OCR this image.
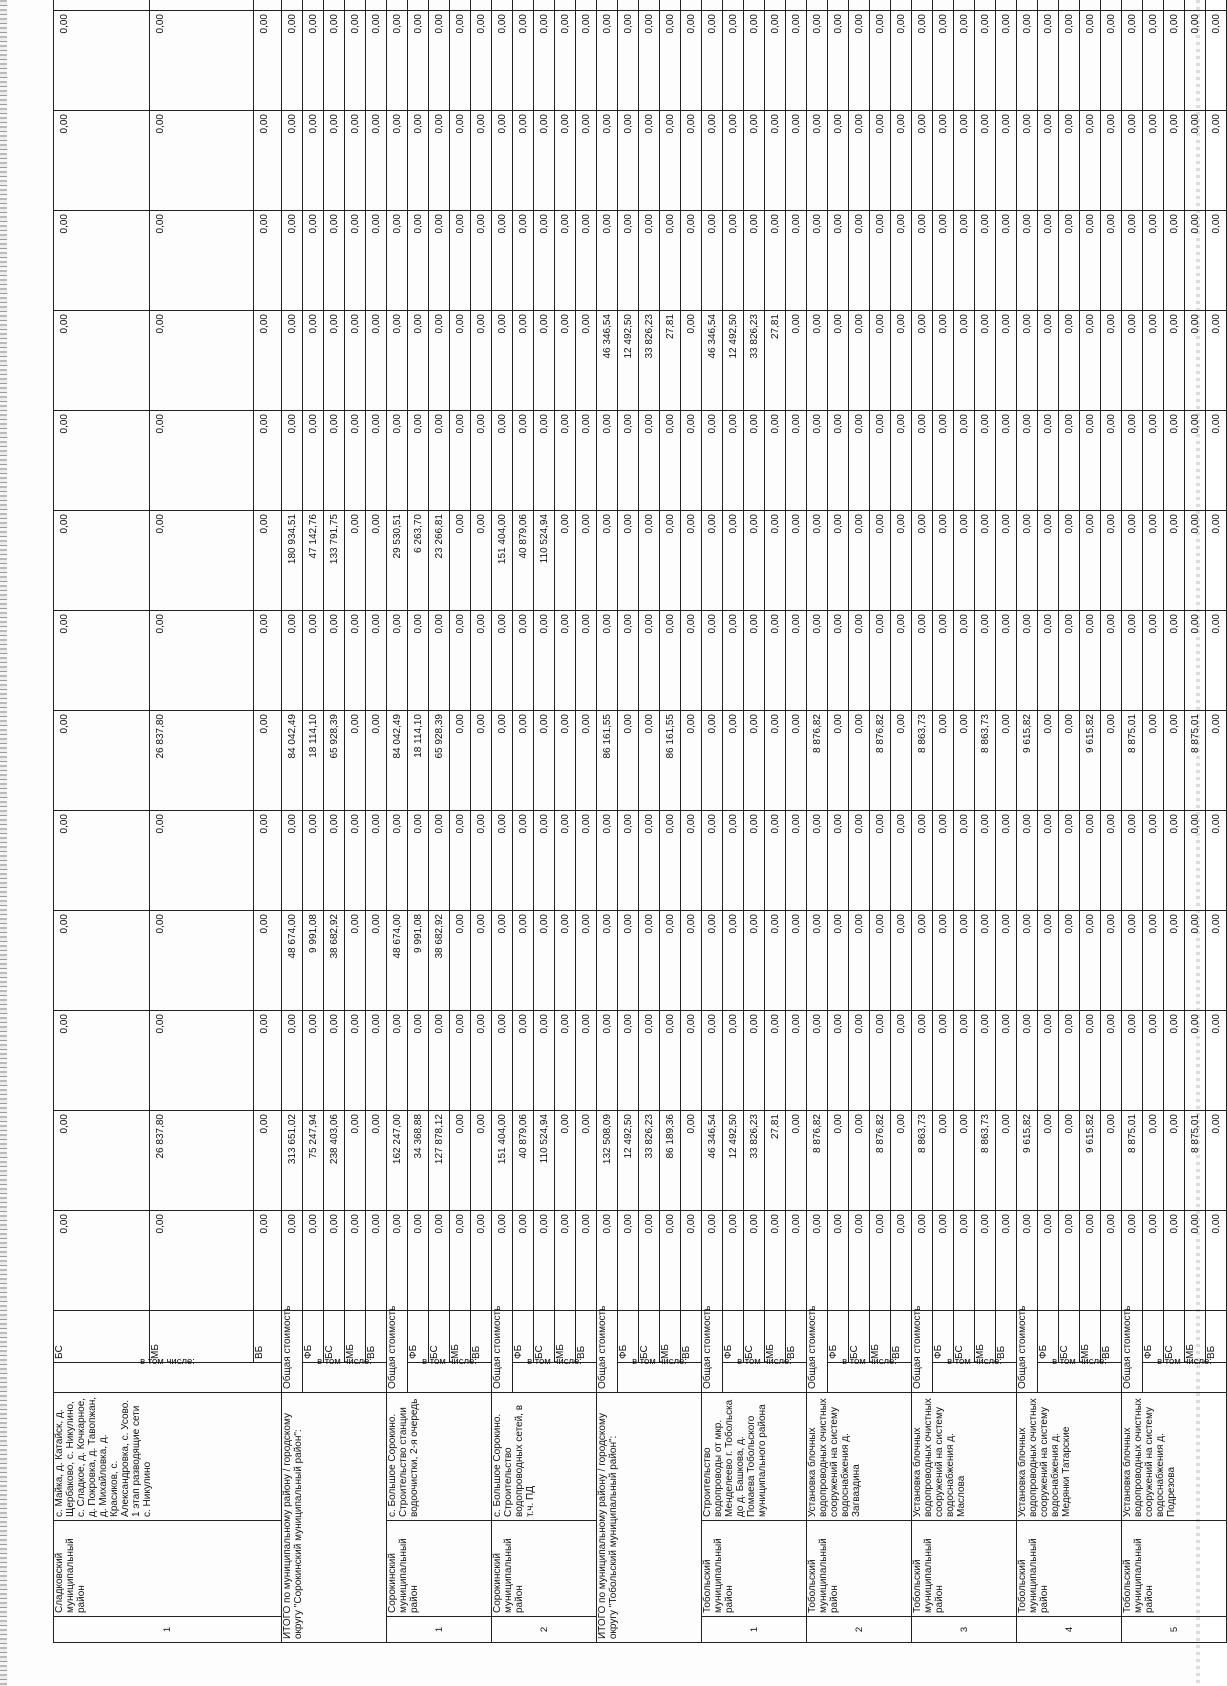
1	Сладковский муниципальный район	с. Майка, д. Катайск, д. Щербаково, с. Никулино, с. Сладкое, д. Кочкарное, д. Покровка, д. Тавопжан, д. Михайловка, д. Красиков, с. Александровка, с. Усово. 1 этап разводящие сети с. Никулино	в том числе:	БС	0,00	0,00	0,00	0,00	0,00	0,00	0,00	0,00	0,00	0,00	0,00	0,00	0,00	
				МБ	0,00	26 837,80	0,00	0,00	0,00	26 837,80	0,00	0,00	0,00	0,00	0,00	0,00	0,00	
				ВБ	0,00	0,00	0,00	0,00	0,00	0,00	0,00	0,00	0,00	0,00	0,00	0,00	0,00	
ИТОГО по муниципальному району / городскому округу "Сорокинский муниципальный район":			Общая стоимость		0,00	313 651,02	0,00	48 674,00	0,00	84 042,49	0,00	180 934,51	0,00	0,00	0,00	0,00	0,00	
			в том числе:	ФБ	0,00	75 247,94	0,00	9 991,08	0,00	18 114,10	0,00	47 142,76	0,00	0,00	0,00	0,00	0,00	
				БС	0,00	238 403,06	0,00	38 682,92	0,00	65 928,39	0,00	133 791,75	0,00	0,00	0,00	0,00	0,00	
				МБ	0,00	0,00	0,00	0,00	0,00	0,00	0,00	0,00	0,00	0,00	0,00	0,00	0,00	
				ВБ	0,00	0,00	0,00	0,00	0,00	0,00	0,00	0,00	0,00	0,00	0,00	0,00	0,00	
1	Сорокинский муниципальный район	с. Большое Сорокино. Строительство станции водоочистки, 2-я очередь	Общая стоимость		0,00	162 247,00	0,00	48 674,00	0,00	84 042,49	0,00	29 530,51	0,00	0,00	0,00	0,00	0,00	
			в том числе:	ФБ	0,00	34 368,88	0,00	9 991,08	0,00	18 114,10	0,00	6 263,70	0,00	0,00	0,00	0,00	0,00	
				БС	0,00	127 878,12	0,00	38 682,92	0,00	65 928,39	0,00	23 266,81	0,00	0,00	0,00	0,00	0,00	
				МБ	0,00	0,00	0,00	0,00	0,00	0,00	0,00	0,00	0,00	0,00	0,00	0,00	0,00	
				ВБ	0,00	0,00	0,00	0,00	0,00	0,00	0,00	0,00	0,00	0,00	0,00	0,00	0,00	
2	Сорокинский муниципальный район	с. Большое Сорокино. Строительство водопроводных сетей, в т.ч. ПД	Общая стоимость		0,00	151 404,00	0,00	0,00	0,00	0,00	0,00	151 404,00	0,00	0,00	0,00	0,00	0,00	
			в том числе:	ФБ	0,00	40 879,06	0,00	0,00	0,00	0,00	0,00	40 879,06	0,00	0,00	0,00	0,00	0,00	
				БС	0,00	110 524,94	0,00	0,00	0,00	0,00	0,00	110 524,94	0,00	0,00	0,00	0,00	0,00	
				МБ	0,00	0,00	0,00	0,00	0,00	0,00	0,00	0,00	0,00	0,00	0,00	0,00	0,00	
				ВБ	0,00	0,00	0,00	0,00	0,00	0,00	0,00	0,00	0,00	0,00	0,00	0,00	0,00	
ИТОГО по муниципальному району / городскому округу "Тобольский муниципальный район":			Общая стоимость		0,00	132 508,09	0,00	0,00	0,00	86 161,55	0,00	0,00	0,00	46 346,54	0,00	0,00	0,00	
			в том числе:	ФБ	0,00	12 492,50	0,00	0,00	0,00	0,00	0,00	0,00	0,00	12 492,50	0,00	0,00	0,00	
				БС	0,00	33 826,23	0,00	0,00	0,00	0,00	0,00	0,00	0,00	33 826,23	0,00	0,00	0,00	
				МБ	0,00	86 189,36	0,00	0,00	0,00	86 161,55	0,00	0,00	0,00	27,81	0,00	0,00	0,00	
				ВБ	0,00	0,00	0,00	0,00	0,00	0,00	0,00	0,00	0,00	0,00	0,00	0,00	0,00	
1	Тобольский муниципальный район	Строительство водопроводы от мкр. Менделеево г. Тобольска до д. Башкова, д. Помаева Тобольского муниципального района	Общая стоимость		0,00	46 346,54	0,00	0,00	0,00	0,00	0,00	0,00	0,00	46 346,54	0,00	0,00	0,00	
			в том числе:	ФБ	0,00	12 492,50	0,00	0,00	0,00	0,00	0,00	0,00	0,00	12 492,50	0,00	0,00	0,00	
				БС	0,00	33 826,23	0,00	0,00	0,00	0,00	0,00	0,00	0,00	33 826,23	0,00	0,00	0,00	
				МБ	0,00	27,81	0,00	0,00	0,00	0,00	0,00	0,00	0,00	27,81	0,00	0,00	0,00	
				ВБ	0,00	0,00	0,00	0,00	0,00	0,00	0,00	0,00	0,00	0,00	0,00	0,00	0,00	
2	Тобольский муниципальный район	Установка блочных водопроводных очистных сооружений на систему водоснабжения д. Загваздина	Общая стоимость		0,00	8 876,82	0,00	0,00	0,00	8 876,82	0,00	0,00	0,00	0,00	0,00	0,00	0,00	
			в том числе:	ФБ	0,00	0,00	0,00	0,00	0,00	0,00	0,00	0,00	0,00	0,00	0,00	0,00	0,00	
				БС	0,00	0,00	0,00	0,00	0,00	0,00	0,00	0,00	0,00	0,00	0,00	0,00	0,00	
				МБ	0,00	8 876,82	0,00	0,00	0,00	8 876,82	0,00	0,00	0,00	0,00	0,00	0,00	0,00	
				ВБ	0,00	0,00	0,00	0,00	0,00	0,00	0,00	0,00	0,00	0,00	0,00	0,00	0,00	
3	Тобольский муниципальный район	Установка блочных водопроводных очистных сооружений на систему водоснабжения д. Маслова	Общая стоимость		0,00	8 863,73	0,00	0,00	0,00	8 863,73	0,00	0,00	0,00	0,00	0,00	0,00	0,00	
			в том числе:	ФБ	0,00	0,00	0,00	0,00	0,00	0,00	0,00	0,00	0,00	0,00	0,00	0,00	0,00	
				БС	0,00	0,00	0,00	0,00	0,00	0,00	0,00	0,00	0,00	0,00	0,00	0,00	0,00	
				МБ	0,00	8 863,73	0,00	0,00	0,00	8 863,73	0,00	0,00	0,00	0,00	0,00	0,00	0,00	
				ВБ	0,00	0,00	0,00	0,00	0,00	0,00	0,00	0,00	0,00	0,00	0,00	0,00	0,00	
4	Тобольский муниципальный район	Установка блочных водопроводных очистных сооружений на систему водоснабжения д. Медянки Татарские	Общая стоимость		0,00	9 615,82	0,00	0,00	0,00	9 615,82	0,00	0,00	0,00	0,00	0,00	0,00	0,00	
			в том числе:	ФБ	0,00	0,00	0,00	0,00	0,00	0,00	0,00	0,00	0,00	0,00	0,00	0,00	0,00	
				БС	0,00	0,00	0,00	0,00	0,00	0,00	0,00	0,00	0,00	0,00	0,00	0,00	0,00	
				МБ	0,00	9 615,82	0,00	0,00	0,00	9 615,82	0,00	0,00	0,00	0,00	0,00	0,00	0,00	
				ВБ	0,00	0,00	0,00	0,00	0,00	0,00	0,00	0,00	0,00	0,00	0,00	0,00	0,00	
5	Тобольский муниципальный район	Установка блочных водопроводных очистных сооружений на систему водоснабжения д. Подрезова	Общая стоимость		0,00	8 875,01	0,00	0,00	0,00	8 875,01	0,00	0,00	0,00	0,00	0,00	0,00	0,00	
			в том числе:	ФБ	0,00	0,00	0,00	0,00	0,00	0,00	0,00	0,00	0,00	0,00	0,00	0,00	0,00	
				БС	0,00	0,00	0,00	0,00	0,00	0,00	0,00	0,00	0,00	0,00	0,00	0,00	0,00	
				МБ	0,00	8 875,01	0,00	0,00	0,00	8 875,01	0,00	0,00	0,00	0,00	0,00	0,00	0,00	
				ВБ	0,00	0,00	0,00	0,00	0,00	0,00	0,00	0,00	0,00	0,00	0,00	0,00	0,00	
